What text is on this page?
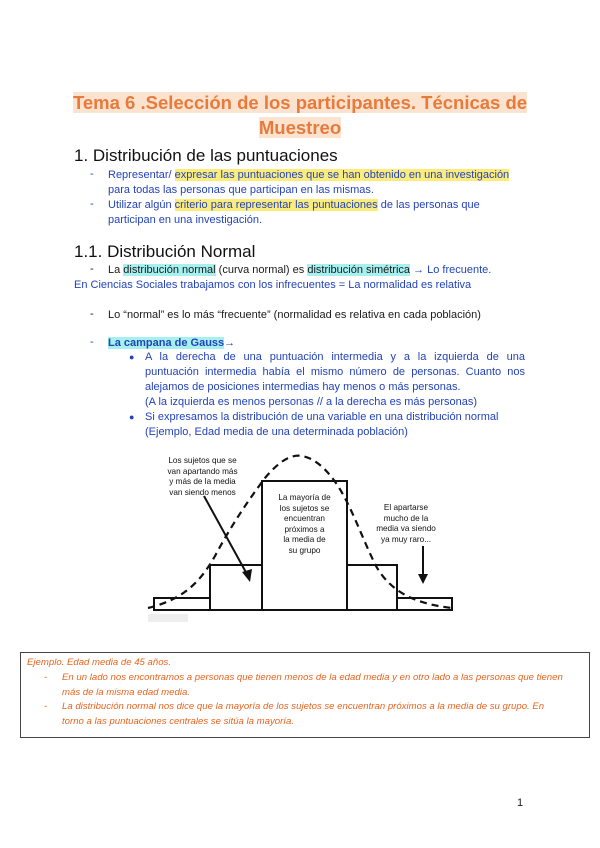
Tema 6 .Selección de los participantes. Técnicas de
Muestreo
1. Distribución de las puntuaciones
- Representar/ expresar las puntuaciones que se han obtenido en una investigación
para todas las personas que participan en las mismas.
- Utilizar algún criterio para representar las puntuaciones de las personas que
participan en una investigación.
1.1. Distribución Normal
- La distribución normal (curva normal) es distribución simétrica → Lo frecuente.
En Ciencias Sociales trabajamos con los infrecuentes = La normalidad es relativa
- Lo “normal” es lo más “frecuente” (normalidad es relativa en cada población)
- La campana de Gauss→
● A la derecha de una puntuación intermedia y a la izquierda de una
puntuación intermedia había el mismo número de personas. Cuanto nos
alejamos de posiciones intermedias hay menos o más personas.
(A la izquierda es menos personas // a la derecha es más personas)
● Si expresamos la distribución de una variable en una distribución normal
(Ejemplo, Edad media de una determinada población)
Los sujetos que se
van apartando más
y más de la media
van siendo menos
La mayoría de
los sujetos se
encuentran
próximos a
la media de
su grupo
El apartarse
mucho de la
media va siendo
ya muy raro...
Ejemplo. Edad media de 45 años.
- En un lado nos encontramos a personas que tienen menos de la edad media y en otro lado a las personas que tienen
más de la misma edad media.
- La distribución normal nos dice que la mayoría de los sujetos se encuentran próximos a la media de su grupo. En
torno a las puntuaciones centrales se sitúa la mayoría.
1
